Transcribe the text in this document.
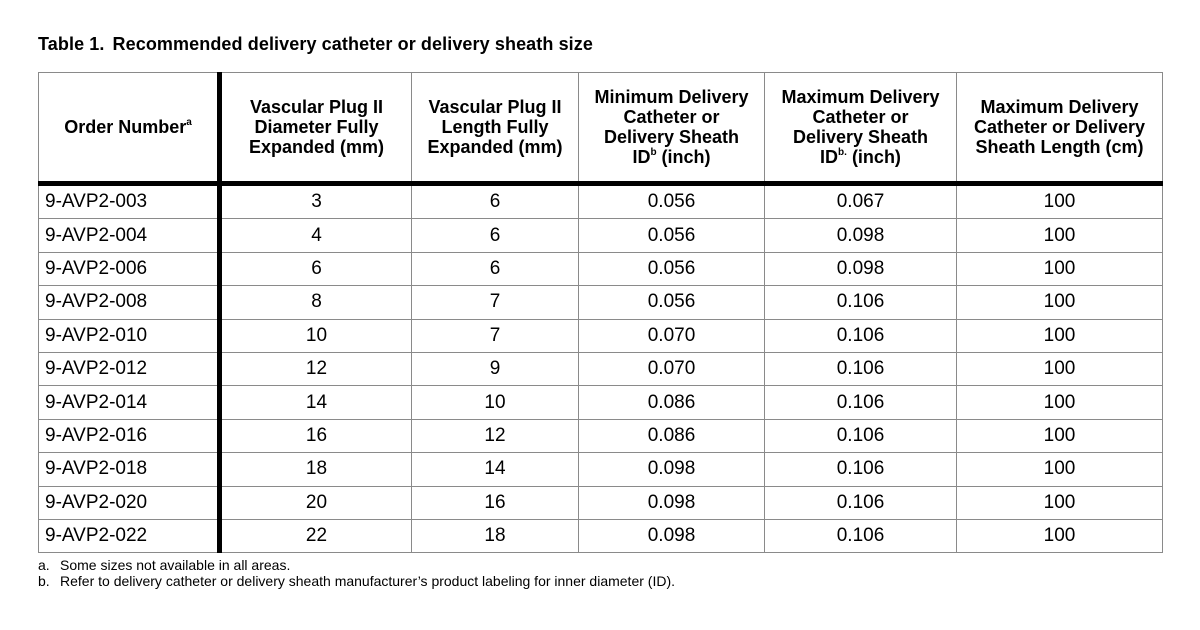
Table 1. Recommended delivery catheter or delivery sheath size
Order Number$^a$	Vascular Plug II
Diameter Fully
Expanded (mm)	Vascular Plug II
Length Fully
Expanded (mm)	Minimum Delivery
Catheter or
Delivery Sheath
$ID^b$ (inch)	Maximum Delivery
Catheter or
Delivery Sheath
$ID^{b.}$ (inch)	Maximum Delivery
Catheter or Delivery
Sheath Length (cm)

9-AVP2-003	3	6	0.056	0.067	100
9-AVP2-004	4	6	0.056	0.098	100
9-AVP2-006	6	6	0.056	0.098	100
9-AVP2-008	8	7	0.056	0.106	100
9-AVP2-010	10	7	0.070	0.106	100
9-AVP2-012	12	9	0.070	0.106	100
9-AVP2-014	14	10	0.086	0.106	100
9-AVP2-016	16	12	0.086	0.106	100
9-AVP2-018	18	14	0.098	0.106	100
9-AVP2-020	20	16	0.098	0.106	100
9-AVP2-022	22	18	0.098	0.106	100
a. Some sizes not available in all areas.
b. Refer to delivery catheter or delivery sheath manufacturer’s product labeling for inner diameter (ID).
